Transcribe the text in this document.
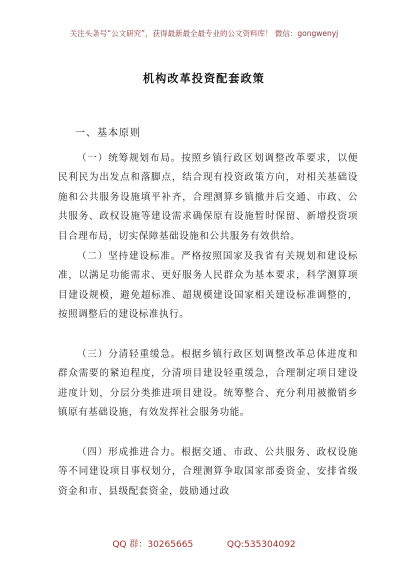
关注头条号“公文研究”，获得最新最全最专业的公文资料库！ 微信：gongwenyj
机构改革投资配套政策
一、基本原则

（一）统筹规划布局。按照乡镇行政区划调整改革要求，以便民利民为出发点和落脚点，结合现有投资政策方向，对相关基础设施和公共服务设施填平补齐，合理测算乡镇撤并后交通、市政、公共服务、政权设施等建设需求确保原有设施暂时保留、新增投资项目合理布局，切实保障基础设施和公共服务有效供给。

（二）坚持建设标准。严格按照国家及我省有关规划和建设标准，以满足功能需求、更好服务人民群众为基本要求，科学测算项目建设规模，避免超标准、超规模建设国家相关建设标准调整的，按照调整后的建设标准执行。

（三）分清轻重缓急。根据乡镇行政区划调整改革总体进度和群众需要的紧迫程度，分清项目建设轻重缓急，合理制定项目建设进度计划，分层分类推进项目建设。统筹整合、充分利用被撤销乡镇原有基础设施，有效发挥社会服务功能。

（四）形成推进合力。根据交通、市政、公共服务、政权设施等不同建设项目事权划分，合理测算争取国家部委资金、安排省级资金和市、县级配套资金，鼓励通过政

QQ 群：30265665	QQ:535304092
